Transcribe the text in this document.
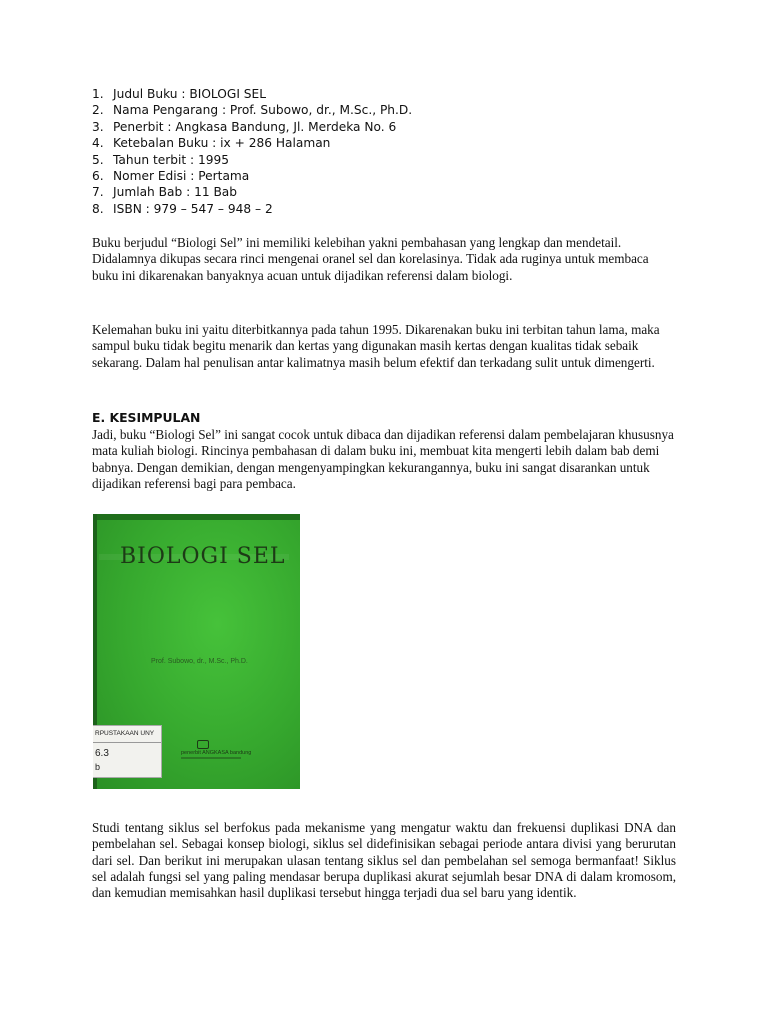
1. Judul Buku : BIOLOGI SEL
2. Nama Pengarang : Prof. Subowo, dr., M.Sc., Ph.D.
3. Penerbit : Angkasa Bandung, Jl. Merdeka No. 6
4. Ketebalan Buku : ix + 286 Halaman
5. Tahun terbit : 1995
6. Nomer Edisi : Pertama
7. Jumlah Bab : 11 Bab
8. ISBN : 979 – 547 – 948 – 2

Buku berjudul “Biologi Sel” ini memiliki kelebihan yakni pembahasan yang lengkap dan mendetail. Didalamnya dikupas secara rinci mengenai oranel sel dan korelasinya. Tidak ada ruginya untuk membaca buku ini dikarenakan banyaknya acuan untuk dijadikan referensi dalam biologi.

Kelemahan buku ini yaitu diterbitkannya pada tahun 1995. Dikarenakan buku ini terbitan tahun lama, maka sampul buku tidak begitu menarik dan kertas yang digunakan masih kertas dengan kualitas tidak sebaik sekarang. Dalam hal penulisan antar kalimatnya masih belum efektif dan terkadang sulit untuk dimengerti.

E. KESIMPULAN

Jadi, buku “Biologi Sel” ini sangat cocok untuk dibaca dan dijadikan referensi dalam pembelajaran khususnya mata kuliah biologi. Rincinya pembahasan di dalam buku ini, membuat kita mengerti lebih dalam bab demi babnya. Dengan demikian, dengan mengenyampingkan kekurangannya, buku ini sangat disarankan untuk dijadikan referensi bagi para pembaca.

BIOLOGI SEL

Prof. Subowo, dr., M.Sc., Ph.D.
RPUSTAKAAN UNY
6.3
b
penerbit ANGKASA bandung

Studi tentang siklus sel berfokus pada mekanisme yang mengatur waktu dan frekuensi duplikasi DNA dan pembelahan sel. Sebagai konsep biologi, siklus sel didefinisikan sebagai periode antara divisi yang berurutan dari sel. Dan berikut ini merupakan ulasan tentang siklus sel dan pembelahan sel semoga bermanfaat! Siklus sel adalah fungsi sel yang paling mendasar berupa duplikasi akurat sejumlah besar DNA di dalam kromosom, dan kemudian memisahkan hasil duplikasi tersebut hingga terjadi dua sel baru yang identik.
